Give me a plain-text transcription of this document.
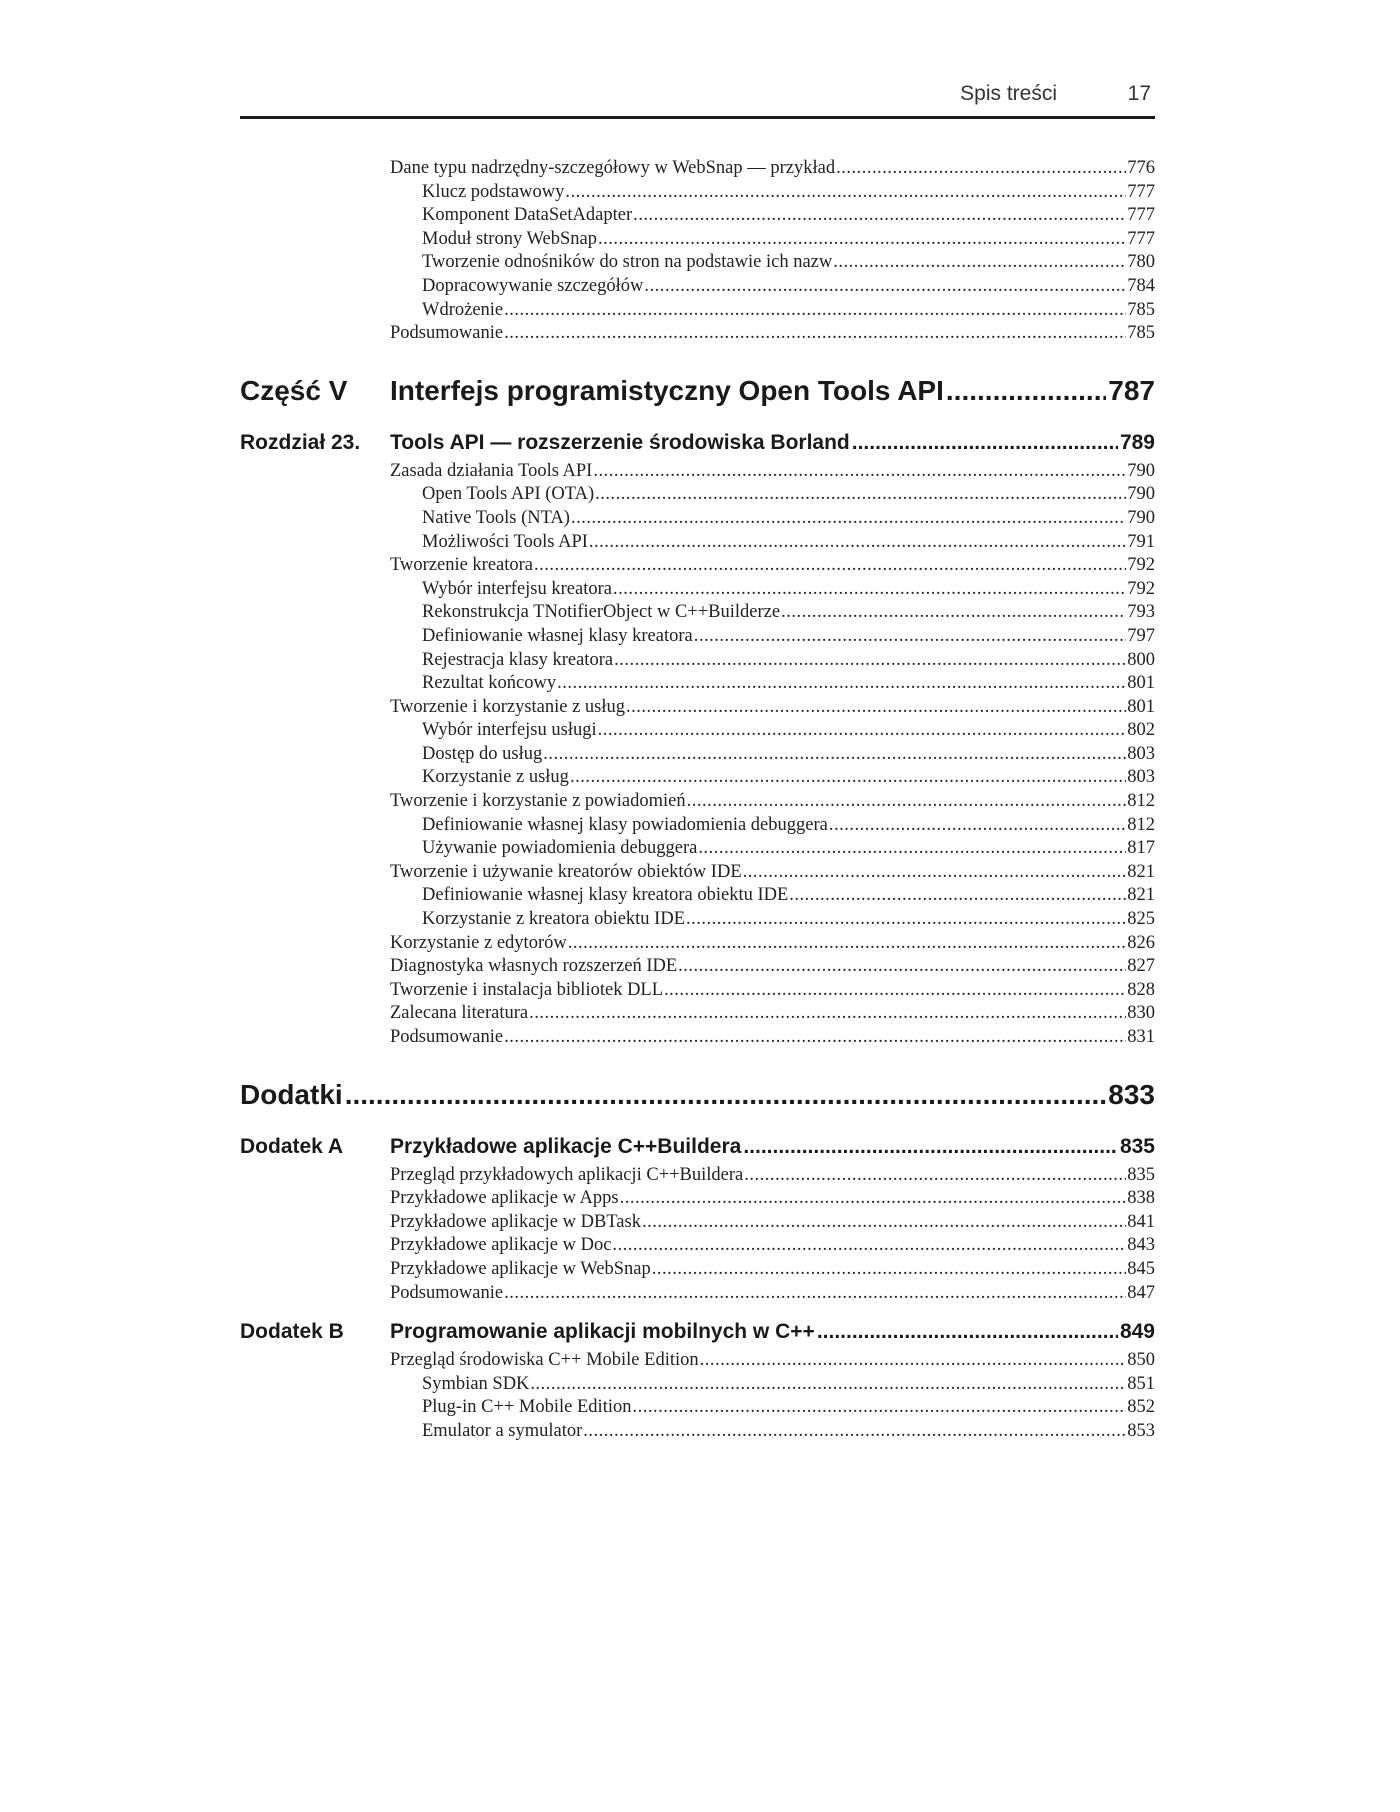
Spis treści	17
Dane typu nadrzędny-szczegółowy w WebSnap — przykład .....	776
Klucz podstawowy .....	777
Komponent DataSetAdapter .....	777
Moduł strony WebSnap .....	777
Tworzenie odnośników do stron na podstawie ich nazw .....	780
Dopracowywanie szczegółów .....	784
Wdrożenie .....	785
Podsumowanie .....	785
Część V	Interfejs programistyczny Open Tools API .....	787
Rozdział 23.	Tools API — rozszerzenie środowiska Borland .....	789
Zasada działania Tools API .....	790
Open Tools API (OTA) .....	790
Native Tools (NTA) .....	790
Możliwości Tools API .....	791
Tworzenie kreatora .....	792
Wybór interfejsu kreatora .....	792
Rekonstrukcja TNotifierObject w C++Builderze .....	793
Definiowanie własnej klasy kreatora .....	797
Rejestracja klasy kreatora .....	800
Rezultat końcowy .....	801
Tworzenie i korzystanie z usług .....	801
Wybór interfejsu usługi .....	802
Dostęp do usług .....	803
Korzystanie z usług .....	803
Tworzenie i korzystanie z powiadomień .....	812
Definiowanie własnej klasy powiadomienia debuggera .....	812
Używanie powiadomienia debuggera .....	817
Tworzenie i używanie kreatorów obiektów IDE .....	821
Definiowanie własnej klasy kreatora obiektu IDE .....	821
Korzystanie z kreatora obiektu IDE .....	825
Korzystanie z edytorów .....	826
Diagnostyka własnych rozszerzeń IDE .....	827
Tworzenie i instalacja bibliotek DLL .....	828
Zalecana literatura .....	830
Podsumowanie .....	831
Dodatki .....	833
Dodatek A	Przykładowe aplikacje C++Buildera .....	835
Przegląd przykładowych aplikacji C++Buildera .....	835
Przykładowe aplikacje w Apps .....	838
Przykładowe aplikacje w DBTask .....	841
Przykładowe aplikacje w Doc .....	843
Przykładowe aplikacje w WebSnap .....	845
Podsumowanie .....	847
Dodatek B	Programowanie aplikacji mobilnych w C++ .....	849
Przegląd środowiska C++ Mobile Edition .....	850
Symbian SDK .....	851
Plug-in C++ Mobile Edition .....	852
Emulator a symulator .....	853
